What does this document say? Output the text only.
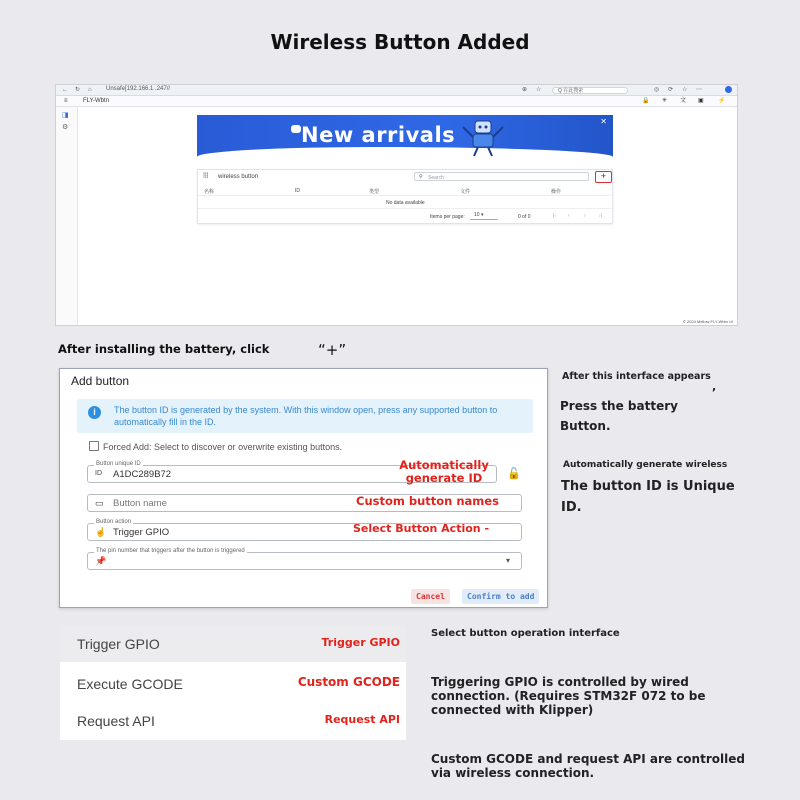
Wireless Button Added
← ↻ ⌂ Unsafe[192.166.1 .247//	⊕ ☆	Q 在此搜索	◎ ⟳ ☆ ⋯
≡	FLY-Wbtn	🔒 ✳ 文 ▣ ⚡
◨
⚙	New arrivals
✕
⫶⫶⫶ wireless button	⚲ Search	+
名称	ID	类型	文件	操作
No data available
Items per page:	10 ▾	0 of 0	|‹ ‹	›	›|
© 2024 Mellow FLY-Wbtn UI
After installing the battery, click	“+”
Add button
i	The button ID is generated by the system. With this window open, press any supported button to automatically fill in the ID.
Forced Add: Select to discover or overwrite existing buttons.
Button unique ID
ID A1DC289B72	🔓
▭ Button name
Button action
☝ Trigger GPIO
The pin number that triggers after the button is triggered
📌	▾
Automatically generate ID
Custom button names
Select Button Action -
Cancel	Confirm to add
After this interface appears
,
Press the battery Button.
Automatically generate wireless
The button ID is Unique ID.
Trigger GPIO	Trigger GPIO
Execute GCODE	Custom GCODE
Request API	Request API
Select button operation interface
Triggering GPIO is controlled by wired connection. (Requires STM32F 072 to be connected with Klipper)
Custom GCODE and request API are controlled via wireless connection.
